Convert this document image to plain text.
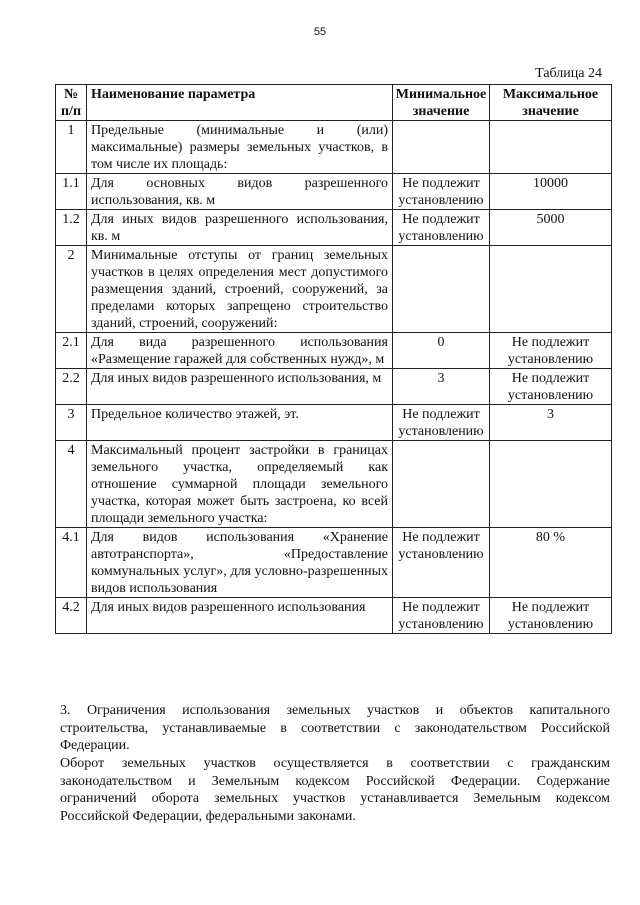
55
Таблица 24
№ п/п	Наименование параметра	Минимальное значение	Максимальное значение
1	Предельные (минимальные и (или) максимальные) размеры земельных участков, в том числе их площадь:		
1.1	Для основных видов разрешенного использования, кв. м	Не подлежит установлению	10000
1.2	Для иных видов разрешенного использования, кв. м	Не подлежит установлению	5000
2	Минимальные отступы от границ земельных участков в целях определения мест допустимого размещения зданий, строений, сооружений, за пределами которых запрещено строительство зданий, строений, сооружений:		
2.1	Для вида разрешенного использования «Размещение гаражей для собственных нужд», м	0	Не подлежит установлению
2.2	Для иных видов разрешенного использования, м	3	Не подлежит установлению
3	Предельное количество этажей, эт.	Не подлежит установлению	3
4	Максимальный процент застройки в границах земельного участка, определяемый как отношение суммарной площади земельного участка, которая может быть застроена, ко всей площади земельного участка:		
4.1	Для видов использования «Хранение автотранспорта», «Предоставление коммунальных услуг», для условно-разрешенных видов использования	Не подлежит установлению	80 %
4.2	Для иных видов разрешенного использования	Не подлежит установлению	Не подлежит установлению
3. Ограничения использования земельных участков и объектов капитального строительства, устанавливаемые в соответствии с законодательством Российской Федерации.
Оборот земельных участков осуществляется в соответствии с гражданским законодательством и Земельным кодексом Российской Федерации. Содержание ограничений оборота земельных участков устанавливается Земельным кодексом Российской Федерации, федеральными законами.
